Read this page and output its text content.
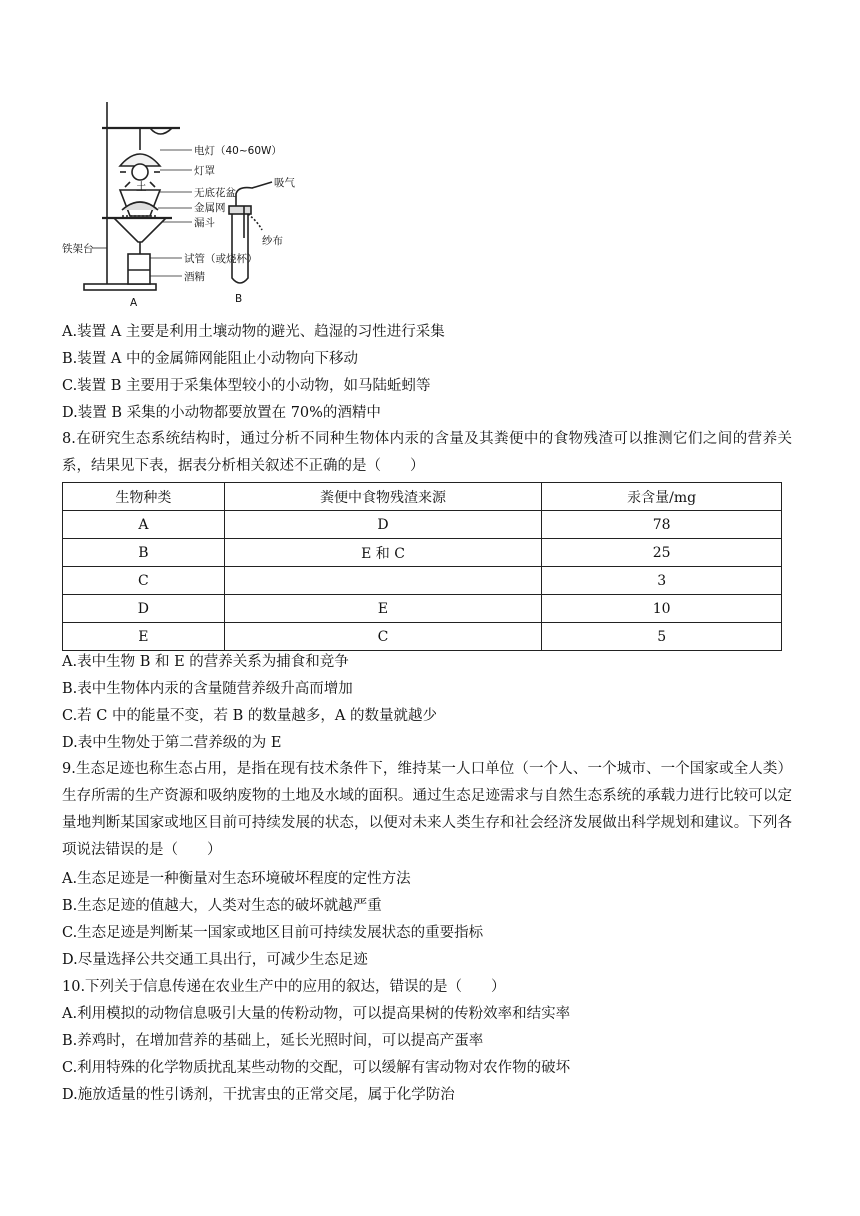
电灯（40~60W）
灯罩
土	无底花盆
金属网
漏斗
铁架台
试管（或烧杯）
酒精
吸气
纱布
A	B
A.装置 A 主要是利用土壤动物的避光、趋湿的习性进行采集
B.装置 A 中的金属筛网能阻止小动物向下移动
C.装置 B 主要用于采集体型较小的小动物，如马陆蚯蚓等
D.装置 B 采集的小动物都要放置在 70%的酒精中
8.在研究生态系统结构时，通过分析不同种生物体内汞的含量及其粪便中的食物残渣可以推测它们之间的营养关系，结果见下表，据表分析相关叙述不正确的是（　　）
生物种类	粪便中食物残渣来源	汞含量/mg
A	D	78
B	E 和 C	25
C		3
D	E	10
E	C	5
A.表中生物 B 和 E 的营养关系为捕食和竞争
B.表中生物体内汞的含量随营养级升高而增加
C.若 C 中的能量不变，若 B 的数量越多，A 的数量就越少
D.表中生物处于第二营养级的为 E
9.生态足迹也称生态占用，是指在现有技术条件下，维持某一人口单位（一个人、一个城市、一个国家或全人类）生存所需的生产资源和吸纳废物的土地及水域的面积。通过生态足迹需求与自然生态系统的承载力进行比较可以定量地判断某国家或地区目前可持续发展的状态，以便对未来人类生存和社会经济发展做出科学规划和建议。下列各项说法错误的是（　　）
A.生态足迹是一种衡量对生态环境破坏程度的定性方法
B.生态足迹的值越大，人类对生态的破坏就越严重
C.生态足迹是判断某一国家或地区目前可持续发展状态的重要指标
D.尽量选择公共交通工具出行，可减少生态足迹
10.下列关于信息传递在农业生产中的应用的叙达，错误的是（　　）
A.利用模拟的动物信息吸引大量的传粉动物，可以提高果树的传粉效率和结实率
B.养鸡时，在增加营养的基础上，延长光照时间，可以提高产蛋率
C.利用特殊的化学物质扰乱某些动物的交配，可以缓解有害动物对农作物的破坏
D.施放适量的性引诱剂，干扰害虫的正常交尾，属于化学防治
